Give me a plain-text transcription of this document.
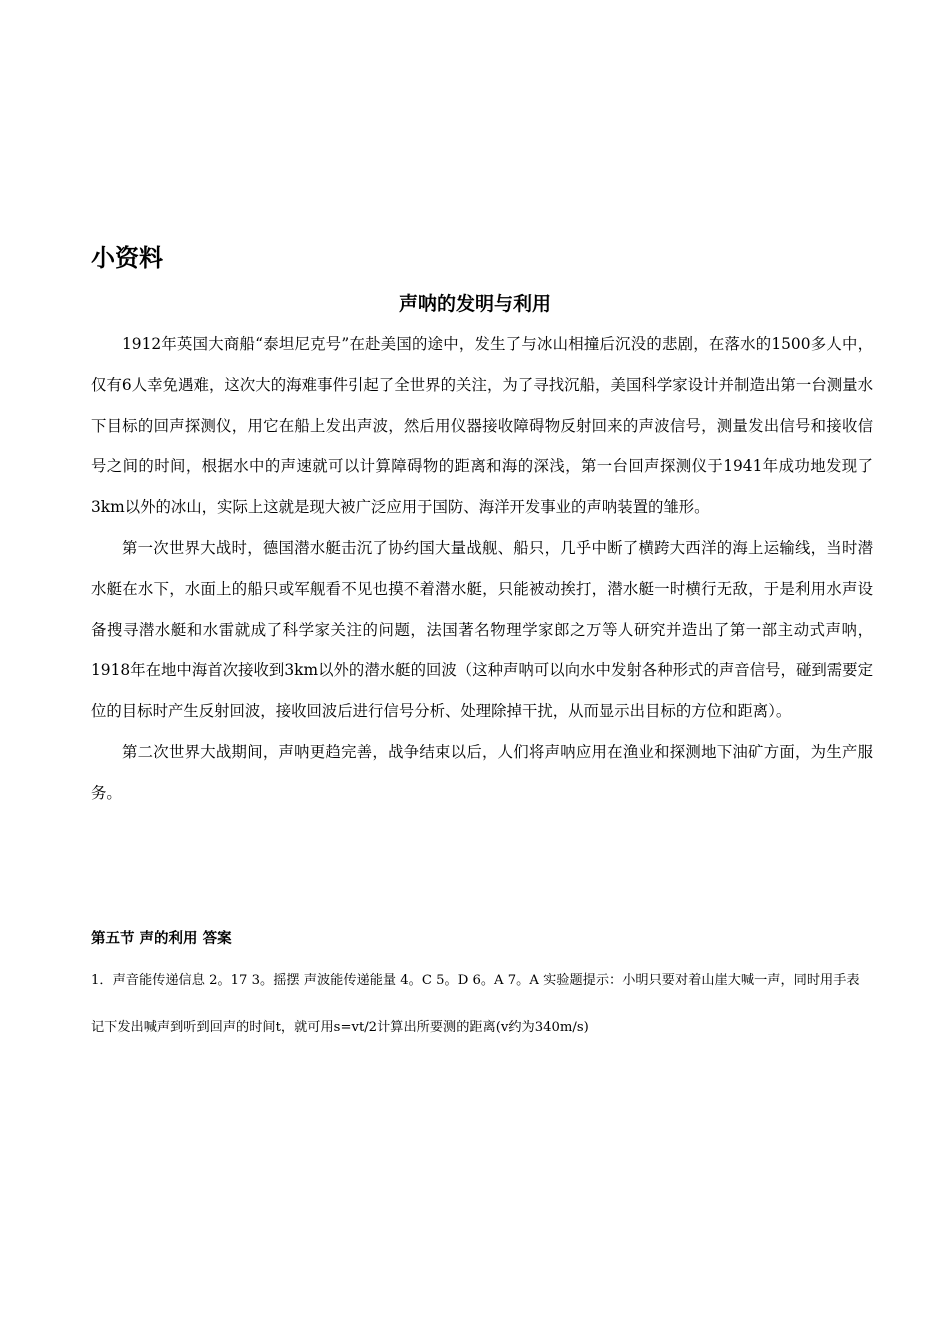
小资料
声呐的发明与利用

1912年英国大商船“泰坦尼克号”在赴美国的途中，发生了与冰山相撞后沉没的悲剧，在落水的1500多人中，仅有6人幸免遇难，这次大的海难事件引起了全世界的关注，为了寻找沉船，美国科学家设计并制造出第一台测量水下目标的回声探测仪，用它在船上发出声波，然后用仪器接收障碍物反射回来的声波信号，测量发出信号和接收信号之间的时间，根据水中的声速就可以计算障碍物的距离和海的深浅，第一台回声探测仪于1941年成功地发现了3km以外的冰山，实际上这就是现大被广泛应用于国防、海洋开发事业的声呐装置的雏形。

第一次世界大战时，德国潜水艇击沉了协约国大量战舰、船只，几乎中断了横跨大西洋的海上运输线，当时潜水艇在水下，水面上的船只或军舰看不见也摸不着潜水艇，只能被动挨打，潜水艇一时横行无敌，于是利用水声设备搜寻潜水艇和水雷就成了科学家关注的问题，法国著名物理学家郎之万等人研究并造出了第一部主动式声呐，1918年在地中海首次接收到3km以外的潜水艇的回波（这种声呐可以向水中发射各种形式的声音信号，碰到需要定位的目标时产生反射回波，接收回波后进行信号分析、处理除掉干扰，从而显示出目标的方位和距离）。

第二次世界大战期间，声呐更趋完善，战争结束以后，人们将声呐应用在渔业和探测地下油矿方面，为生产服务。

第五节 声的利用 答案

1．声音能传递信息 2。17 3。摇摆 声波能传递能量 4。C 5。D 6。A 7。A 实验题提示：小明只要对着山崖大喊一声，同时用手表记下发出喊声到听到回声的时间t，就可用s=vt/2计算出所要测的距离(v约为340m/s)
